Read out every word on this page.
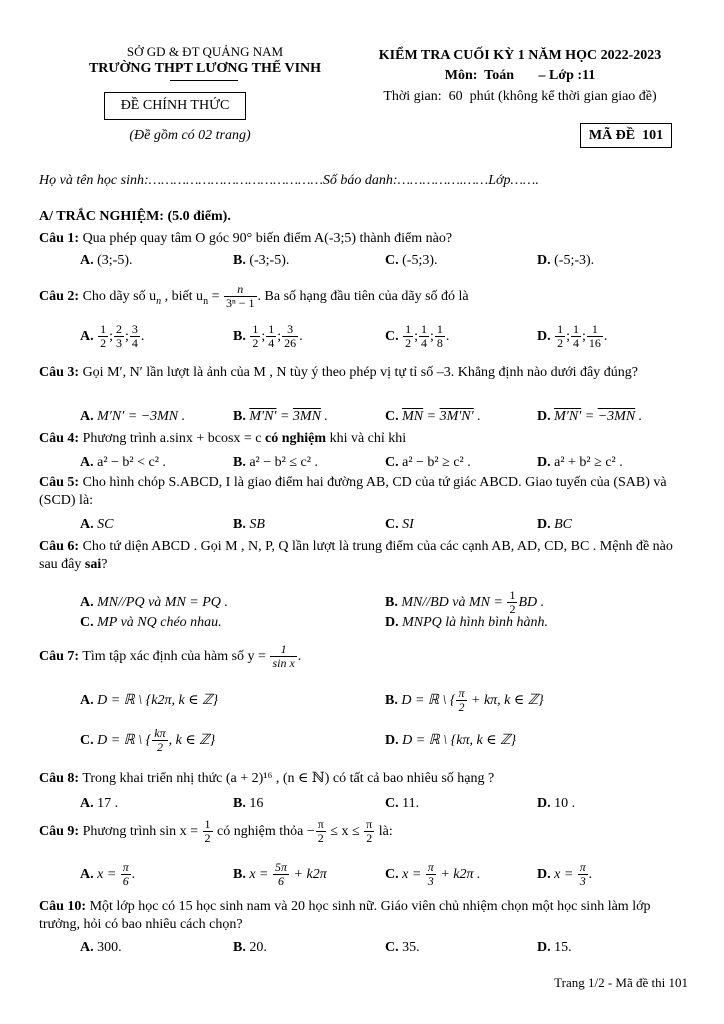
SỞ GD & ĐT QUẢNG NAM
TRƯỜNG THPT LƯƠNG THẾ VINH
ĐỀ CHÍNH THỨC
(Đề gồm có 02 trang)
KIỂM TRA CUỐI KỲ 1 NĂM HỌC 2022-2023
Môn:  Toán       – Lớp :11
Thời gian:  60  phút (không kể thời gian giao đề)
MÃ ĐỀ  101
Họ và tên học sinh:……………………………………Số báo danh:…………….……Lớp…….
A/ TRẮC NGHIỆM: (5.0 điểm).
Câu 1: Qua phép quay tâm O góc 90° biến điểm A(-3;5) thành điểm nào?
A. (3;-5).	B. (-3;-5).	C. (-5;3).	D. (-5;-3).
Câu 2: Cho dãy số $u_n$ , biết $u_n = \frac{n}{\text{3ⁿ − 1}}$ . Ba số hạng đầu tiên của dãy số đó là
A. $\frac{1}{2}$ ; $\frac{2}{3}$ ; $\frac{3}{4}$ .	B. $\frac{1}{2}$ ; $\frac{1}{4}$ ; $\frac{3}{26}$ .	C. $\frac{1}{2}$ ; $\frac{1}{4}$ ; $\frac{1}{8}$ .	D. $\frac{1}{2}$ ; $\frac{1}{4}$ ; $\frac{1}{16}$ .
Câu 3: Gọi M′, N′ lần lượt là ảnh của M , N tùy ý theo phép vị tự tỉ số –3. Khẳng định nào dưới đây đúng?
A. M′N′ = −3MN .	B. M′N′ = 3MN .	C. $\overline{MN} = 3M'N'$ .	D. M′N′ = −3MN .
Câu 4: Phương trình a.sinx + bcosx = c có nghiệm khi và chỉ khi
A. a² − b² < c² .	B. a² − b² ≤ c² .	C. a² − b² ≥ c² .	D. a² + b² ≥ c² .
Câu 5: Cho hình chóp S.ABCD, I là giao điểm hai đường AB, CD của tứ giác ABCD. Giao tuyến của (SAB) và (SCD) là:
A. SC	B. SB	C. SI	D. BC
Câu 6: Cho tứ diện ABCD . Gọi M , N, P, Q lần lượt là trung điểm của các cạnh AB, AD, CD, BC . Mệnh đề nào sau đây sai?
A. MN//PQ và MN = PQ .	B. MN//BD và MN = $\frac{1}{2}$ BD .
C. MP và NQ chéo nhau.	D. MNPQ là hình bình hành.
Câu 7: Tìm tập xác định của hàm số $y = \frac{1}{\text{sin x}}$ .
A. D = ℝ \ {k2π, k ∈ ℤ}	B. D = ℝ \ { $\frac{\pi}{2} + k\pi$, k ∈ ℤ}
C. D = ℝ \ { $\frac{k\pi}{2}$ , k ∈ ℤ}	D. D = ℝ \ {kπ, k ∈ ℤ}
Câu 8: Trong khai triển nhị thức (a + 2)¹⁶ , (n ∈ ℕ) có tất cả bao nhiêu số hạng ?
A. 17 .	B. 16	C. 11.	D. 10 .
Câu 9: Phương trình $\sin x = \frac{1}{2}$ có nghiệm thỏa − $\frac{\pi}{2} \le x \le \frac{\pi}{2}$ là:
A. $x = \frac{\pi}{6}$ .	B. $x = \frac{5\pi}{6} + k2\pi$	C. $x = \frac{\pi}{3} + k2\pi$ .	D. $x = \frac{\pi}{3}$ .
Câu 10: Một lớp học có 15 học sinh nam và 20 học sinh nữ. Giáo viên chủ nhiệm chọn một học sinh làm lớp trưởng, hỏi có bao nhiêu cách chọn?
A. 300.	B. 20.	C. 35.	D. 15.
Trang 1/2 - Mã đề thi 101
